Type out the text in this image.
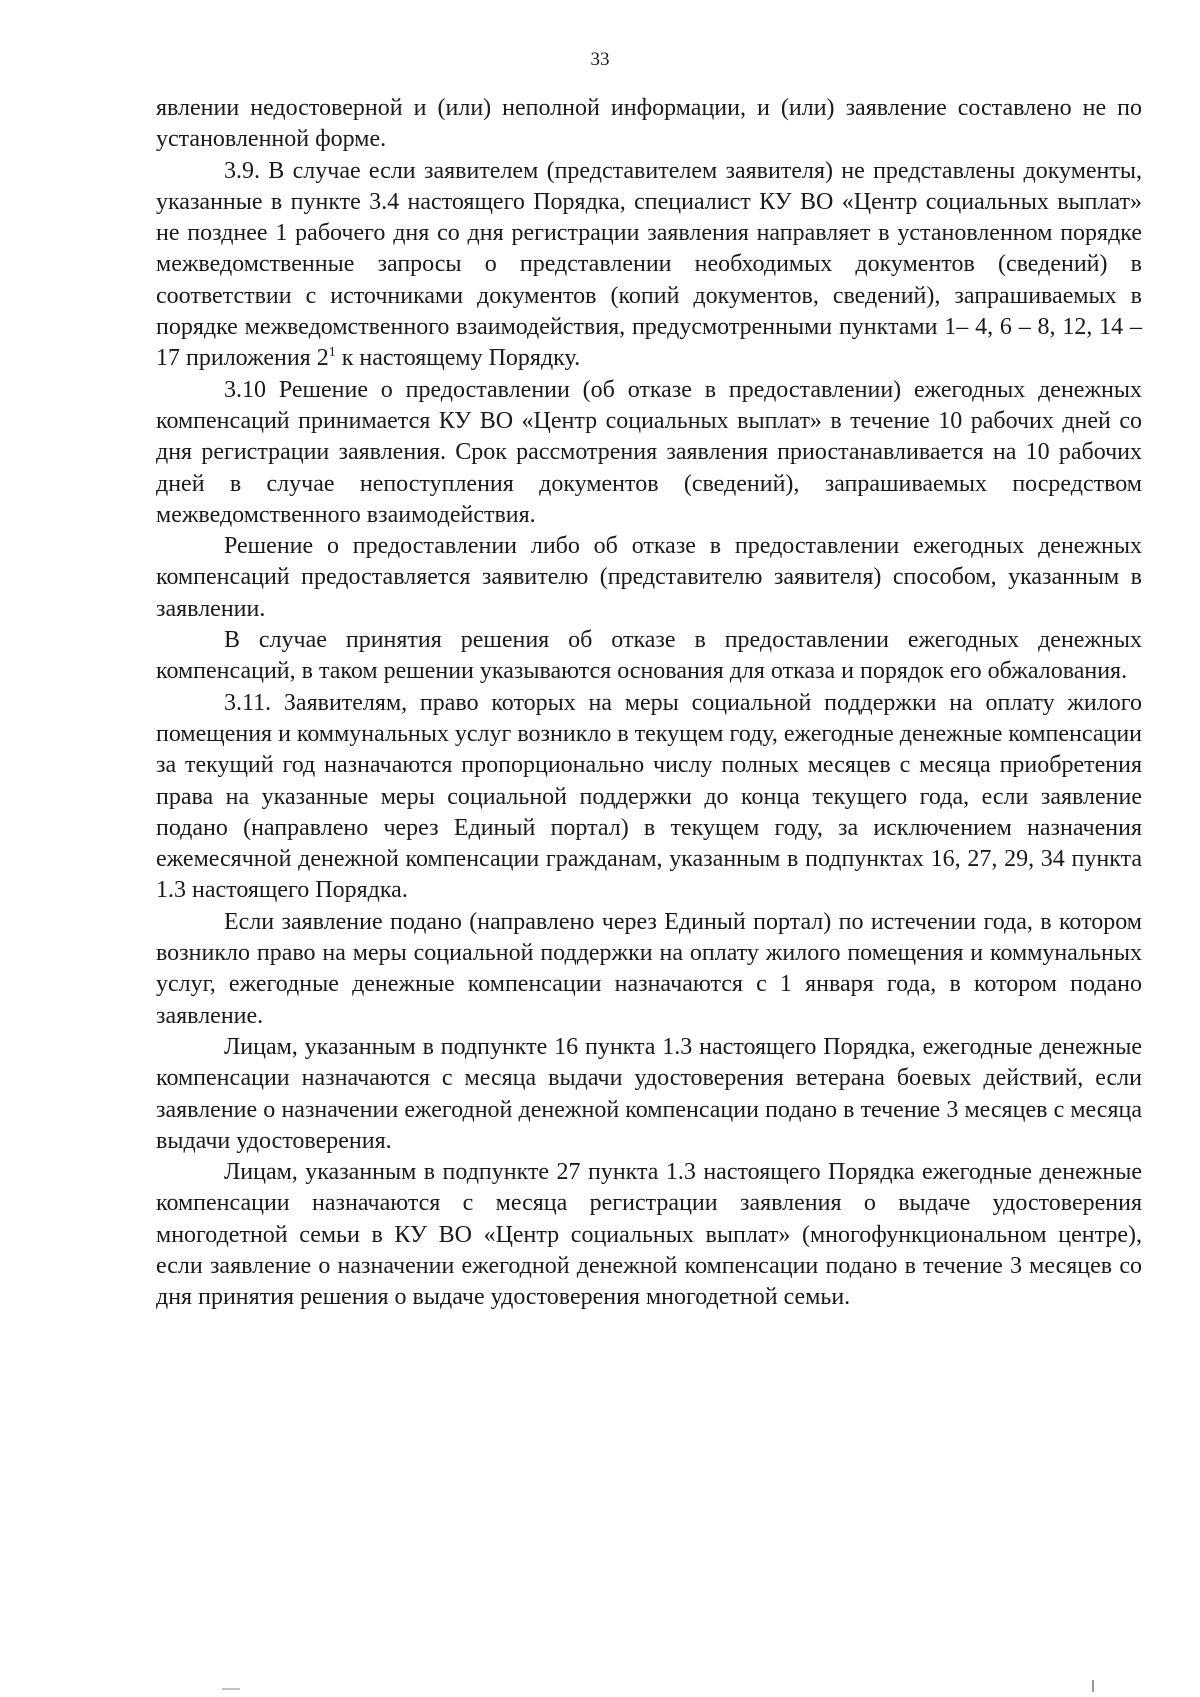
33

явлении недостоверной и (или) неполной информации, и (или) заявление составлено не по установленной форме.

3.9. В случае если заявителем (представителем заявителя) не представлены документы, указанные в пункте 3.4 настоящего Порядка, специалист КУ ВО «Центр социальных выплат» не позднее 1 рабочего дня со дня регистрации заявления направляет в установленном порядке межведомственные запросы о представлении необходимых документов (сведений) в соответствии с источниками документов (копий документов, сведений), запрашиваемых в порядке межведомственного взаимодействия, предусмотренными пунктами 1– 4, 6 – 8, 12, 14 – 17 приложения $2^1$ к настоящему Порядку.

3.10 Решение о предоставлении (об отказе в предоставлении) ежегодных денежных компенсаций принимается КУ ВО «Центр социальных выплат» в течение 10 рабочих дней со дня регистрации заявления. Срок рассмотрения заявления приостанавливается на 10 рабочих дней в случае непоступления документов (сведений), запрашиваемых посредством межведомственного взаимодействия.

Решение о предоставлении либо об отказе в предоставлении ежегодных денежных компенсаций предоставляется заявителю (представителю заявителя) способом, указанным в заявлении.

В случае принятия решения об отказе в предоставлении ежегодных денежных компенсаций, в таком решении указываются основания для отказа и порядок его обжалования.

3.11. Заявителям, право которых на меры социальной поддержки на оплату жилого помещения и коммунальных услуг возникло в текущем году, ежегодные денежные компенсации за текущий год назначаются пропорционально числу полных месяцев с месяца приобретения права на указанные меры социальной поддержки до конца текущего года, если заявление подано (направлено через Единый портал) в текущем году, за исключением назначения ежемесячной денежной компенсации гражданам, указанным в подпунктах 16, 27, 29, 34 пункта 1.3 настоящего Порядка.

Если заявление подано (направлено через Единый портал) по истечении года, в котором возникло право на меры социальной поддержки на оплату жилого помещения и коммунальных услуг, ежегодные денежные компенсации назначаются с 1 января года, в котором подано заявление.

Лицам, указанным в подпункте 16 пункта 1.3 настоящего Порядка, ежегодные денежные компенсации назначаются с месяца выдачи удостоверения ветерана боевых действий, если заявление о назначении ежегодной денежной компенсации подано в течение 3 месяцев с месяца выдачи удостоверения.

Лицам, указанным в подпункте 27 пункта 1.3 настоящего Порядка ежегодные денежные компенсации назначаются с месяца регистрации заявления о выдаче удостоверения многодетной семьи в КУ ВО «Центр социальных выплат» (многофункциональном центре), если заявление о назначении ежегодной денежной компенсации подано в течение 3 месяцев со дня принятия решения о выдаче удостоверения многодетной семьи.
